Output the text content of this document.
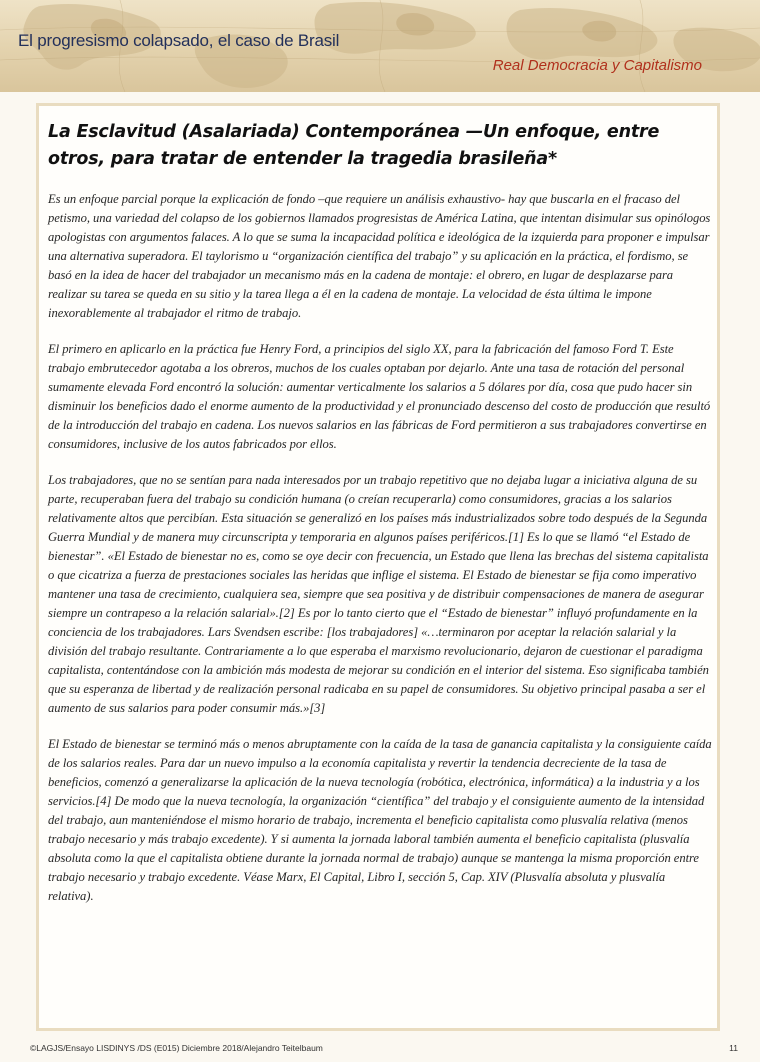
El progresismo colapsado, el caso de Brasil
Real Democracia y Capitalismo
La Esclavitud (Asalariada) Contemporánea —Un enfoque, entre otros, para tratar de entender la tragedia brasileña*

Es un enfoque parcial porque la explicación de fondo –que requiere un análisis exhaustivo- hay que buscarla en el fracaso del petismo, una variedad del colapso de los gobiernos llamados progresistas de América Latina, que intentan disimular sus opinólogos apologistas con argumentos falaces. A lo que se suma la incapacidad política e ideológica de la izquierda para proponer e impulsar una alternativa superadora. El taylorismo u “organización científica del trabajo” y su aplicación en la práctica, el fordismo, se basó en la idea de hacer del trabajador un mecanismo más en la cadena de montaje: el obrero, en lugar de desplazarse para realizar su tarea se queda en su sitio y la tarea llega a él en la cadena de montaje. La velocidad de ésta última le impone inexorablemente al trabajador el ritmo de trabajo.

El primero en aplicarlo en la práctica fue Henry Ford, a principios del siglo XX, para la fabricación del famoso Ford T. Este trabajo embrutecedor agotaba a los obreros, muchos de los cuales optaban por dejarlo. Ante una tasa de rotación del personal sumamente elevada Ford encontró la solución: aumentar verticalmente los salarios a 5 dólares por día, cosa que pudo hacer sin disminuir los beneficios dado el enorme aumento de la productividad y el pronunciado descenso del costo de producción que resultó de la introducción del trabajo en cadena. Los nuevos salarios en las fábricas de Ford permitieron a sus trabajadores convertirse en consumidores, inclusive de los autos fabricados por ellos.

Los trabajadores, que no se sentían para nada interesados por un trabajo repetitivo que no dejaba lugar a iniciativa alguna de su parte, recuperaban fuera del trabajo su condición humana (o creían recuperarla) como consumidores, gracias a los salarios relativamente altos que percibían. Esta situación se generalizó en los países más industrializados sobre todo después de la Segunda Guerra Mundial y de manera muy circunscripta y temporaria en algunos países periféricos.[1] Es lo que se llamó “el Estado de bienestar”. «El Estado de bienestar no es, como se oye decir con frecuencia, un Estado que llena las brechas del sistema capitalista o que cicatriza a fuerza de prestaciones sociales las heridas que inflige el sistema. El Estado de bienestar se fija como imperativo mantener una tasa de crecimiento, cualquiera sea, siempre que sea positiva y de distribuir compensaciones de manera de asegurar siempre un contrapeso a la relación salarial».[2] Es por lo tanto cierto que el “Estado de bienestar” influyó profundamente en la conciencia de los trabajadores. Lars Svendsen escribe: [los trabajadores] «…terminaron por aceptar la relación salarial y la división del trabajo resultante. Contrariamente a lo que esperaba el marxismo revolucionario, dejaron de cuestionar el paradigma capitalista, contentándose con la ambición más modesta de mejorar su condición en el interior del sistema. Eso significaba también que su esperanza de libertad y de realización personal radicaba en su papel de consumidores. Su objetivo principal pasaba a ser el aumento de sus salarios para poder consumir más.»[3]

El Estado de bienestar se terminó más o menos abruptamente con la caída de la tasa de ganancia capitalista y la consiguiente caída de los salarios reales. Para dar un nuevo impulso a la economía capitalista y revertir la tendencia decreciente de la tasa de beneficios, comenzó a generalizarse la aplicación de la nueva tecnología (robótica, electrónica, informática) a la industria y a los servicios.[4] De modo que la nueva tecnología, la organización “científica” del trabajo y el consiguiente aumento de la intensidad del trabajo, aun manteniéndose el mismo horario de trabajo, incrementa el beneficio capitalista como plusvalía relativa (menos trabajo necesario y más trabajo excedente). Y si aumenta la jornada laboral también aumenta el beneficio capitalista (plusvalía absoluta como la que el capitalista obtiene durante la jornada normal de trabajo) aunque se mantenga la misma proporción entre trabajo necesario y trabajo excedente. Véase Marx, El Capital, Libro I, sección 5, Cap. XIV (Plusvalía absoluta y plusvalía relativa).

©LAGJS/Ensayo LISDINYS /DS (E015) Diciembre 2018/Alejandro Teitelbaum	11
